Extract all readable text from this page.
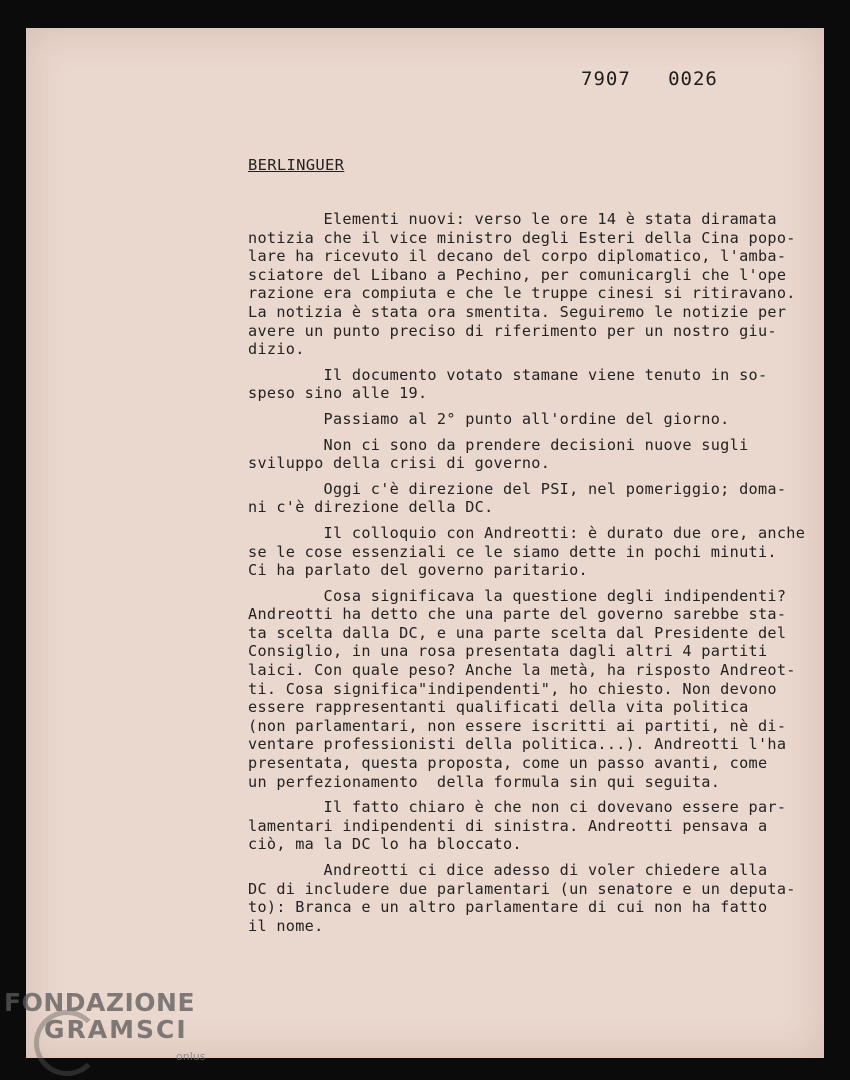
7907   0026
BERLINGUER

Elementi nuovi: verso le ore 14 è stata diramata
notizia che il vice ministro degli Esteri della Cina popo-
lare ha ricevuto il decano del corpo diplomatico, l'amba-
sciatore del Libano a Pechino, per comunicargli che l'ope
razione era compiuta e che le truppe cinesi si ritiravano.
La notizia è stata ora smentita. Seguiremo le notizie per
avere un punto preciso di riferimento per un nostro giu-
dizio.

Il documento votato stamane viene tenuto in so-
speso sino alle 19.

Passiamo al 2° punto all'ordine del giorno.

Non ci sono da prendere decisioni nuove sugli
sviluppo della crisi di governo.

Oggi c'è direzione del PSI, nel pomeriggio; doma-
ni c'è direzione della DC.

Il colloquio con Andreotti: è durato due ore, anche
se le cose essenziali ce le siamo dette in pochi minuti.
Ci ha parlato del governo paritario.

Cosa significava la questione degli indipendenti?
Andreotti ha detto che una parte del governo sarebbe sta-
ta scelta dalla DC, e una parte scelta dal Presidente del
Consiglio, in una rosa presentata dagli altri 4 partiti
laici. Con quale peso? Anche la metà, ha risposto Andreot-
ti. Cosa significa"indipendenti", ho chiesto. Non devono
essere rappresentanti qualificati della vita politica
(non parlamentari, non essere iscritti ai partiti, nè di-
ventare professionisti della politica...). Andreotti l'ha
presentata, questa proposta, come un passo avanti, come
un perfezionamento  della formula sin qui seguita.

Il fatto chiaro è che non ci dovevano essere par-
lamentari indipendenti di sinistra. Andreotti pensava a
ciò, ma la DC lo ha bloccato.

Andreotti ci dice adesso di voler chiedere alla
DC di includere due parlamentari (un senatore e un deputa-
to): Branca e un altro parlamentare di cui non ha fatto
il nome.

FONDAZIONE
GRAMSCI
onlus
